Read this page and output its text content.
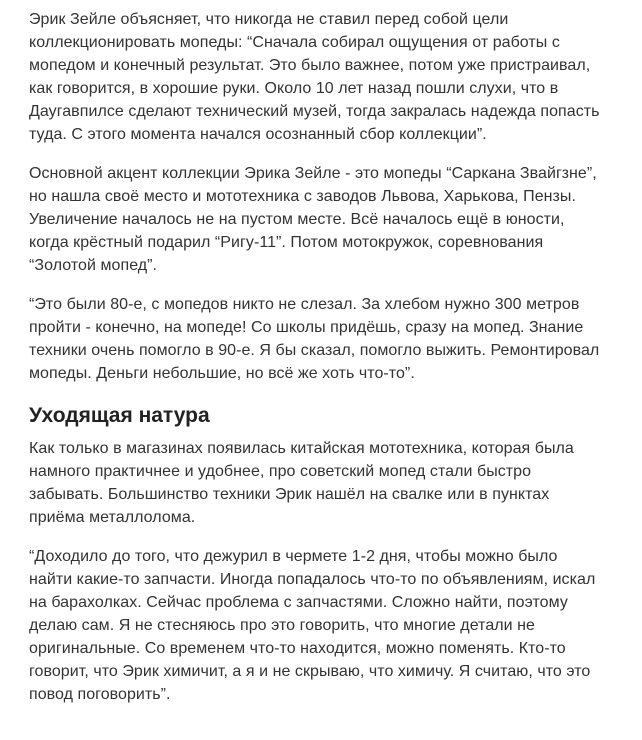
Эрик Зейле объясняет, что никогда не ставил перед собой цели
коллекционировать мопеды: “Сначала собирал ощущения от работы с
мопедом и конечный результат. Это было важнее, потом уже пристраивал,
как говорится, в хорошие руки. Около 10 лет назад пошли слухи, что в
Даугавпилсе сделают технический музей, тогда закралась надежда попасть
туда. С этого момента начался осознанный сбор коллекции”.

Основной акцент коллекции Эрика Зейле - это мопеды “Саркана Звайгзне”,
но нашла своё место и мототехника с заводов Львова, Харькова, Пензы.
Увеличение началось не на пустом месте. Всё началось ещё в юности,
когда крёстный подарил “Ригу-11”. Потом мотокружок, соревнования
“Золотой мопед”.

“Это были 80-е, с мопедов никто не слезал. За хлебом нужно 300 метров
пройти - конечно, на мопеде! Со школы придёшь, сразу на мопед. Знание
техники очень помогло в 90-е. Я бы сказал, помогло выжить. Ремонтировал
мопеды. Деньги небольшие, но всё же хоть что-то”.

Уходящая натура

Как только в магазинах появилась китайская мототехника, которая была
намного практичнее и удобнее, про советский мопед стали быстро
забывать. Большинство техники Эрик нашёл на свалке или в пунктах
приёма металлолома.

“Доходило до того, что дежурил в чермете 1-2 дня, чтобы можно было
найти какие-то запчасти. Иногда попадалось что-то по объявлениям, искал
на барахолках. Сейчас проблема с запчастями. Сложно найти, поэтому
делаю сам. Я не стесняюсь про это говорить, что многие детали не
оригинальные. Со временем что-то находится, можно поменять. Кто-то
говорит, что Эрик химичит, а я и не скрываю, что химичу. Я считаю, что это
повод поговорить”.
